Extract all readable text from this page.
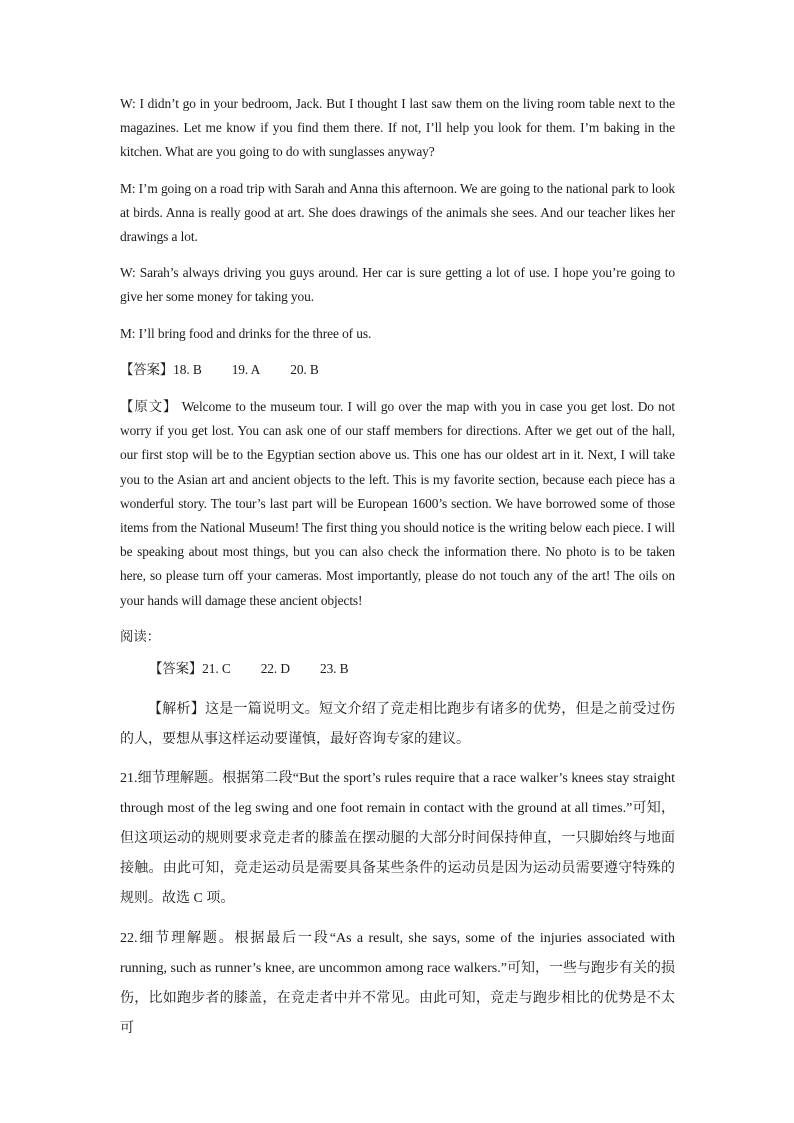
W: I didn’t go in your bedroom, Jack. But I thought I last saw them on the living room table next to the magazines. Let me know if you find them there. If not, I’ll help you look for them. I’m baking in the kitchen. What are you going to do with sunglasses anyway?

M: I’m going on a road trip with Sarah and Anna this afternoon. We are going to the national park to look at birds. Anna is really good at art. She does drawings of the animals she sees. And our teacher likes her drawings a lot.

W: Sarah’s always driving you guys around. Her car is sure getting a lot of use. I hope you’re going to give her some money for taking you.

M: I’ll bring food and drinks for the three of us.

【答案】18. B 19. A 20. B

【原文】 Welcome to the museum tour. I will go over the map with you in case you get lost. Do not worry if you get lost. You can ask one of our staff members for directions. After we get out of the hall, our first stop will be to the Egyptian section above us. This one has our oldest art in it. Next, I will take you to the Asian art and ancient objects to the left. This is my favorite section, because each piece has a wonderful story. The tour’s last part will be European 1600’s section. We have borrowed some of those items from the National Museum! The first thing you should notice is the writing below each piece. I will be speaking about most things, but you can also check the information there. No photo is to be taken here, so please turn off your cameras. Most importantly, please do not touch any of the art! The oils on your hands will damage these ancient objects!

阅读：

【答案】21. C 22. D 23. B

【解析】这是一篇说明文。短文介绍了竞走相比跑步有诸多的优势，但是之前受过伤的人，要想从事这样运动要谨慎，最好咨询专家的建议。

21.细节理解题。根据第二段“But the sport’s rules require that a race walker’s knees stay straight through most of the leg swing and one foot remain in contact with the ground at all times.”可知，但这项运动的规则要求竞走者的膝盖在摆动腿的大部分时间保持伸直，一只脚始终与地面接触。由此可知，竞走运动员是需要具备某些条件的运动员是因为运动员需要遵守特殊的规则。故选 C 项。

22.细节理解题。根据最后一段“As a result, she says, some of the injuries associated with running, such as runner’s knee, are uncommon among race walkers.”可知，一些与跑步有关的损伤，比如跑步者的膝盖，在竞走者中并不常见。由此可知，竞走与跑步相比的优势是不太可
